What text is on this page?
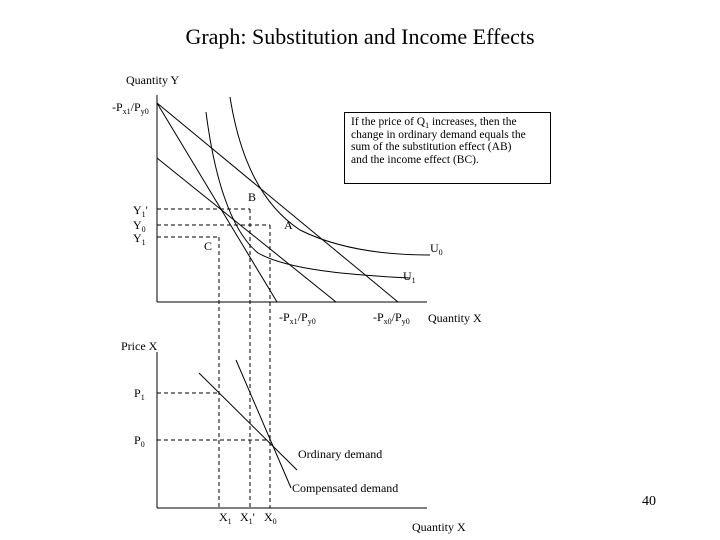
Graph: Substitution and Income Effects
Quantity Y
Quantity X
$-P_{x1}/P_{y0}$
$Y_1'$
$Y_0$
$Y_1$
B
A
C	$U_0$
$U_1$
$-P_{x1}/P_{y0}$	$-P_{x0}/P_{y0}$
If the price of $Q_1$ increases, then the
change in ordinary demand equals the
sum of the substitution effect (AB)
and the income effect (BC).
Price X
$P_1$
$P_0$
Ordinary demand
Compensated demand
$X_1$ $X_1'$ $X_0$	Quantity X
40
